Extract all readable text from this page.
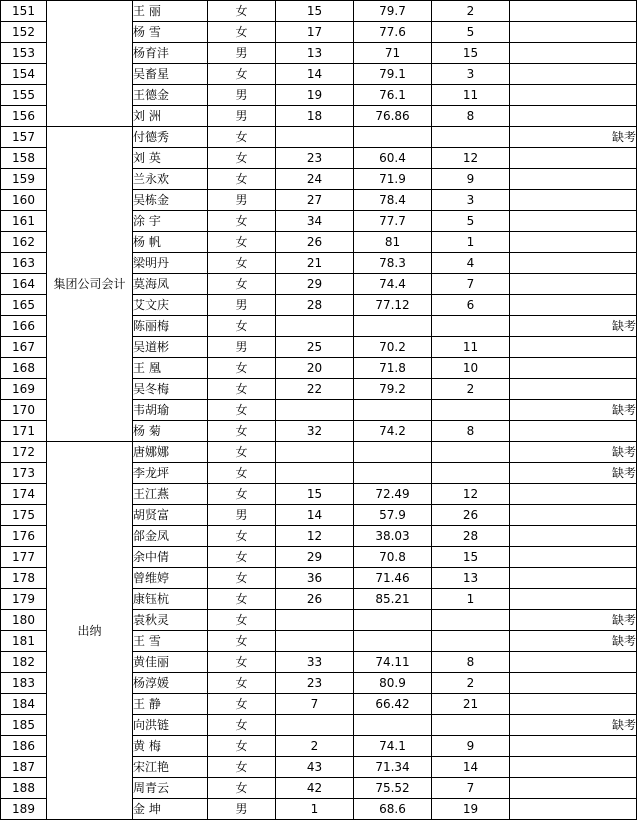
151		王 丽	女	15	79.7	2	
152		杨 雪	女	17	77.6	5	
153		杨育沣	男	13	71	15	
154		吴畜星	女	14	79.1	3	
155		王德金	男	19	76.1	11	
156		刘 洲	男	18	76.86	8	
157	集团公司会计	付德秀	女				缺考
158		刘 英	女	23	60.4	12	
159		兰永欢	女	24	71.9	9	
160		吴栋金	男	27	78.4	3	
161		涂 宇	女	34	77.7	5	
162		杨 帆	女	26	81	1	
163		梁明丹	女	21	78.3	4	
164		莫海凤	女	29	74.4	7	
165		艾文庆	男	28	77.12	6	
166		陈丽梅	女				缺考
167		吴道彬	男	25	70.2	11	
168		王 凰	女	20	71.8	10	
169		吴冬梅	女	22	79.2	2	
170		韦胡瑜	女				缺考
171		杨 菊	女	32	74.2	8	
172	出纳	唐娜娜	女				缺考
173		李龙坪	女				缺考
174		王江燕	女	15	72.49	12	
175		胡贤富	男	14	57.9	26	
176		郃金凤	女	12	38.03	28	
177		余中倩	女	29	70.8	15	
178		曾维婷	女	36	71.46	13	
179		康钰杭	女	26	85.21	1	
180		袁秋灵	女				缺考
181		王 雪	女				缺考
182		黄佳丽	女	33	74.11	8	
183		杨淳媛	女	23	80.9	2	
184		王 静	女	7	66.42	21	
185		向洪链	女				缺考
186		黄 梅	女	2	74.1	9	
187		宋江艳	女	43	71.34	14	
188		周青云	女	42	75.52	7	
189		金 坤	男	1	68.6	19	
